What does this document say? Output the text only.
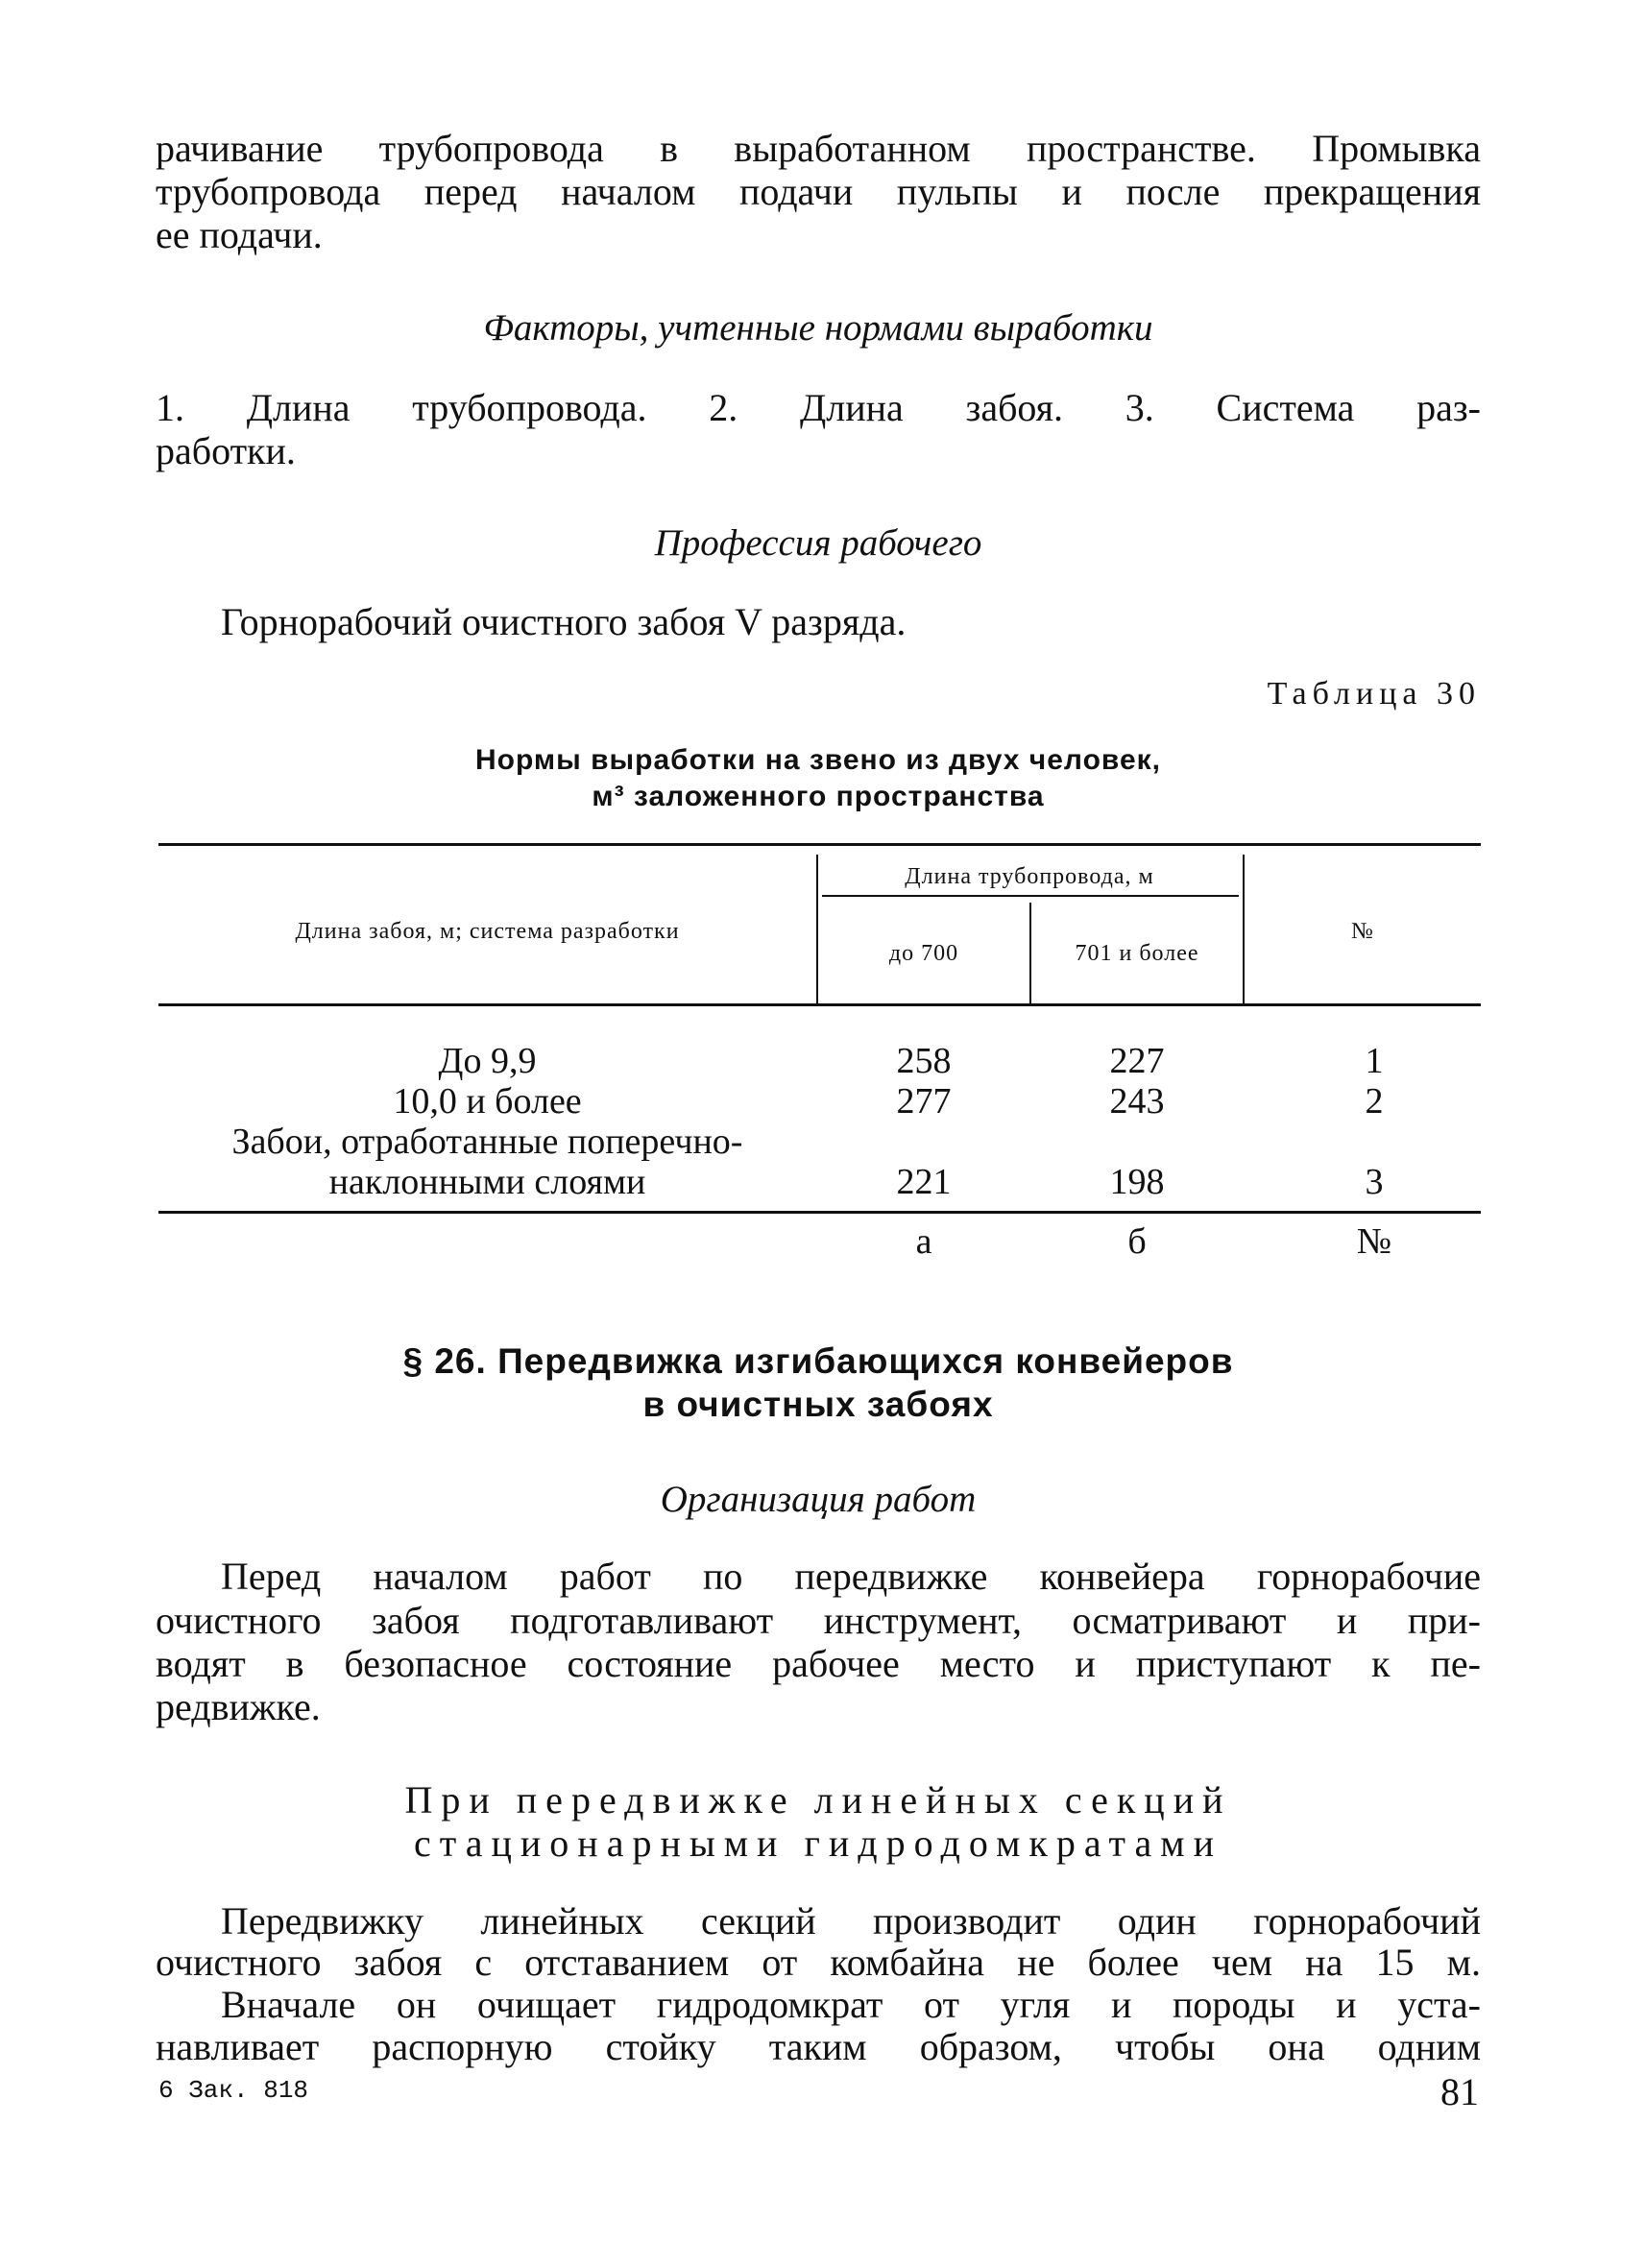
рачивание трубопровода в выработанном пространстве. Промывка
трубопровода перед началом подачи пульпы и после прекращения
ее подачи.
Факторы, учтенные нормами выработки
1. Длина трубопровода. 2. Длина забоя. 3. Система раз-
работки.
Профессия рабочего
Горнорабочий очистного забоя V разряда.
Таблица 30
Нормы выработки на звено из двух человек,
м³ заложенного пространства
Длина забоя, м; система разработки
Длина трубопровода, м
до 700	701 и более
№
До 9,9	258	227	1
10,0 и более	277	243	2
Забои, отработанные поперечно-
наклонными слоями	221	198	3
а	б	№
§ 26. Передвижка изгибающихся конвейеров
в очистных забоях
Организация работ
Перед началом работ по передвижке конвейера горнорабочие
очистного забоя подготавливают инструмент, осматривают и при-
водят в безопасное состояние рабочее место и приступают к пе-
редвижке.
При передвижке линейных секций
стационарными гидродомкратами
Передвижку линейных секций производит один горнорабочий
очистного забоя с отставанием от комбайна не более чем на 15 м.
Вначале он очищает гидродомкрат от угля и породы и уста-
навливает распорную стойку таким образом, чтобы она одним
6 Зак. 818	81
